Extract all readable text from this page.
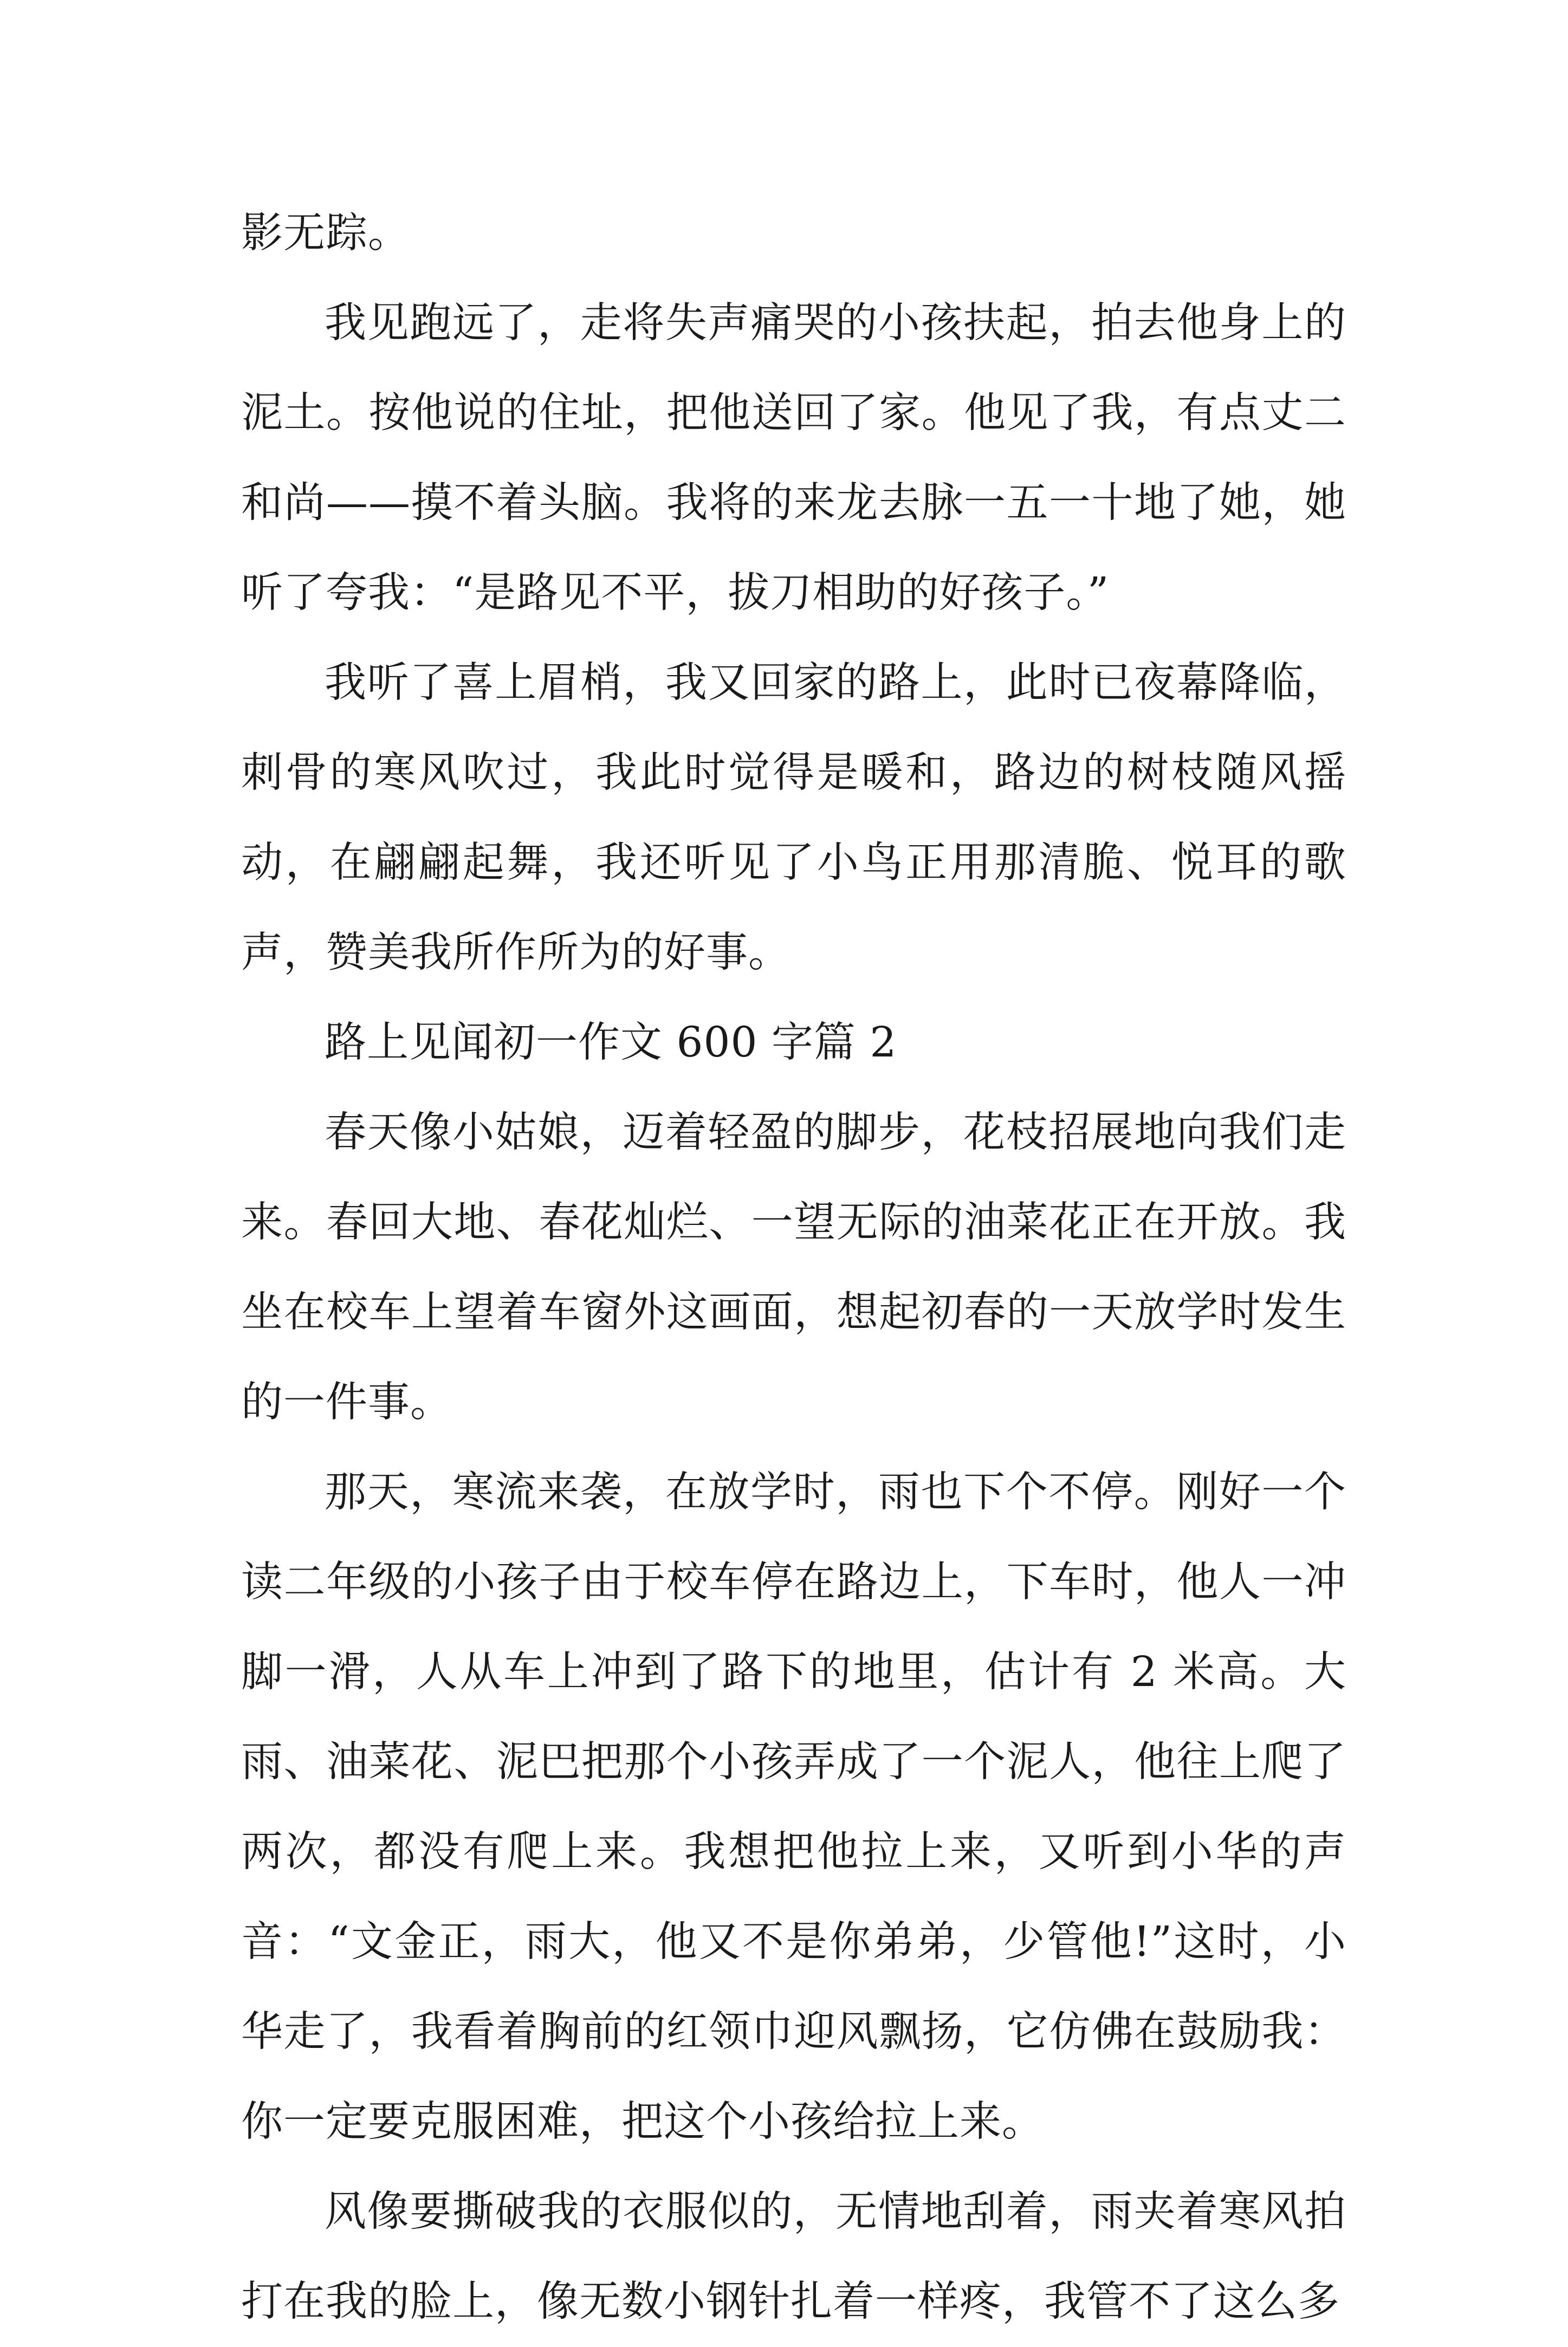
影无踪。

我见跑远了，走将失声痛哭的小孩扶起，拍去他身上的泥土。按他说的住址，把他送回了家。他见了我，有点丈二和尚——摸不着头脑。我将的来龙去脉一五一十地了她，她听了夸我：“是路见不平，拔刀相助的好孩子。”

我听了喜上眉梢，我又回家的路上，此时已夜幕降临，刺骨的寒风吹过，我此时觉得是暖和，路边的树枝随风摇动，在翩翩起舞，我还听见了小鸟正用那清脆、悦耳的歌声，赞美我所作所为的好事。

路上见闻初一作文 600 字篇 2

春天像小姑娘，迈着轻盈的脚步，花枝招展地向我们走来。春回大地、春花灿烂、一望无际的油菜花正在开放。我坐在校车上望着车窗外这画面，想起初春的一天放学时发生的一件事。

那天，寒流来袭，在放学时，雨也下个不停。刚好一个读二年级的小孩子由于校车停在路边上，下车时，他人一冲脚一滑，人从车上冲到了路下的地里，估计有 2 米高。大雨、油菜花、泥巴把那个小孩弄成了一个泥人，他往上爬了两次，都没有爬上来。我想把他拉上来，又听到小华的声音：“文金正，雨大，他又不是你弟弟，少管他!”这时，小华走了，我看着胸前的红领巾迎风飘扬，它仿佛在鼓励我：你一定要克服困难，把这个小孩给拉上来。

风像要撕破我的衣服似的，无情地刮着，雨夹着寒风拍打在我的脸上，像无数小钢针扎着一样疼，我管不了这么多
